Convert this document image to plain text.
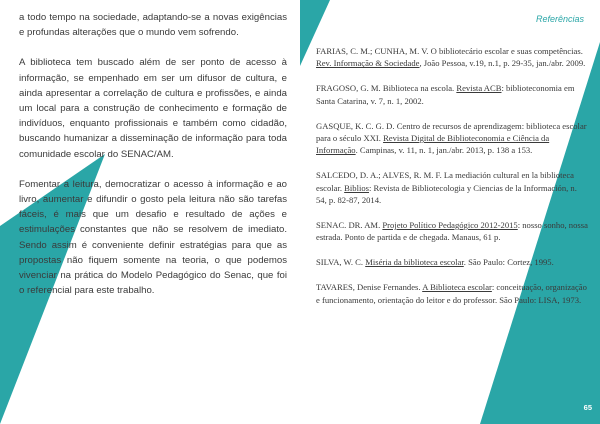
a todo tempo na sociedade, adaptando-se a novas exigências e profundas alterações que o mundo vem sofrendo.

A biblioteca tem buscado além de ser ponto de acesso à informação, se empenhado em ser um difusor de cultura, e ainda apresentar a correlação de cultura e profissões, e ainda um local para a construção de conhecimento e formação de indivíduos, enquanto profissionais e também como cidadão, buscando humanizar a disseminação de informação para toda comunidade escolar do SENAC/AM.

Fomentar a leitura, democratizar o acesso à informação e ao livro, aumentar e difundir o gosto pela leitura não são tarefas fáceis, é mais que um desafio e resultado de ações e estimulações constantes que não se resolvem de imediato. Sendo assim é conveniente definir estratégias para que as propostas não fiquem somente na teoria, o que podemos vivenciar na prática do Modelo Pedagógico do Senac, que foi o referencial para este trabalho.

Referências
FARIAS, C. M.; CUNHA, M. V. O bibliotecário escolar e suas competências. Rev. Informação & Sociedade, João Pessoa, v.19, n.1, p. 29-35, jan./abr. 2009.
FRAGOSO, G. M. Biblioteca na escola. Revista ACB: biblioteconomia em Santa Catarina, v. 7, n. 1, 2002.
GASQUE, K. C. G. D. Centro de recursos de aprendizagem: biblioteca escolar para o século XXI. Revista Digital de Biblioteconomia e Ciência da Informação. Campinas, v. 11, n. 1, jan./abr. 2013, p. 138 a 153.
SALCEDO, D. A.; ALVES, R. M. F. La mediación cultural en la biblioteca escolar. Biblios: Revista de Bibliotecologia y Ciencias de la Información, n. 54, p. 82-87, 2014.
SENAC. DR. AM. Projeto Político Pedagógico 2012-2015: nosso sonho, nossa estrada. Ponto de partida e de chegada. Manaus, 61 p.
SILVA, W. C. Miséria da biblioteca escolar. São Paulo: Cortez, 1995.
TAVARES, Denise Fernandes. A Biblioteca escolar: conceituação, organização e funcionamento, orientação do leitor e do professor. São Paulo: LISA, 1973.
65
